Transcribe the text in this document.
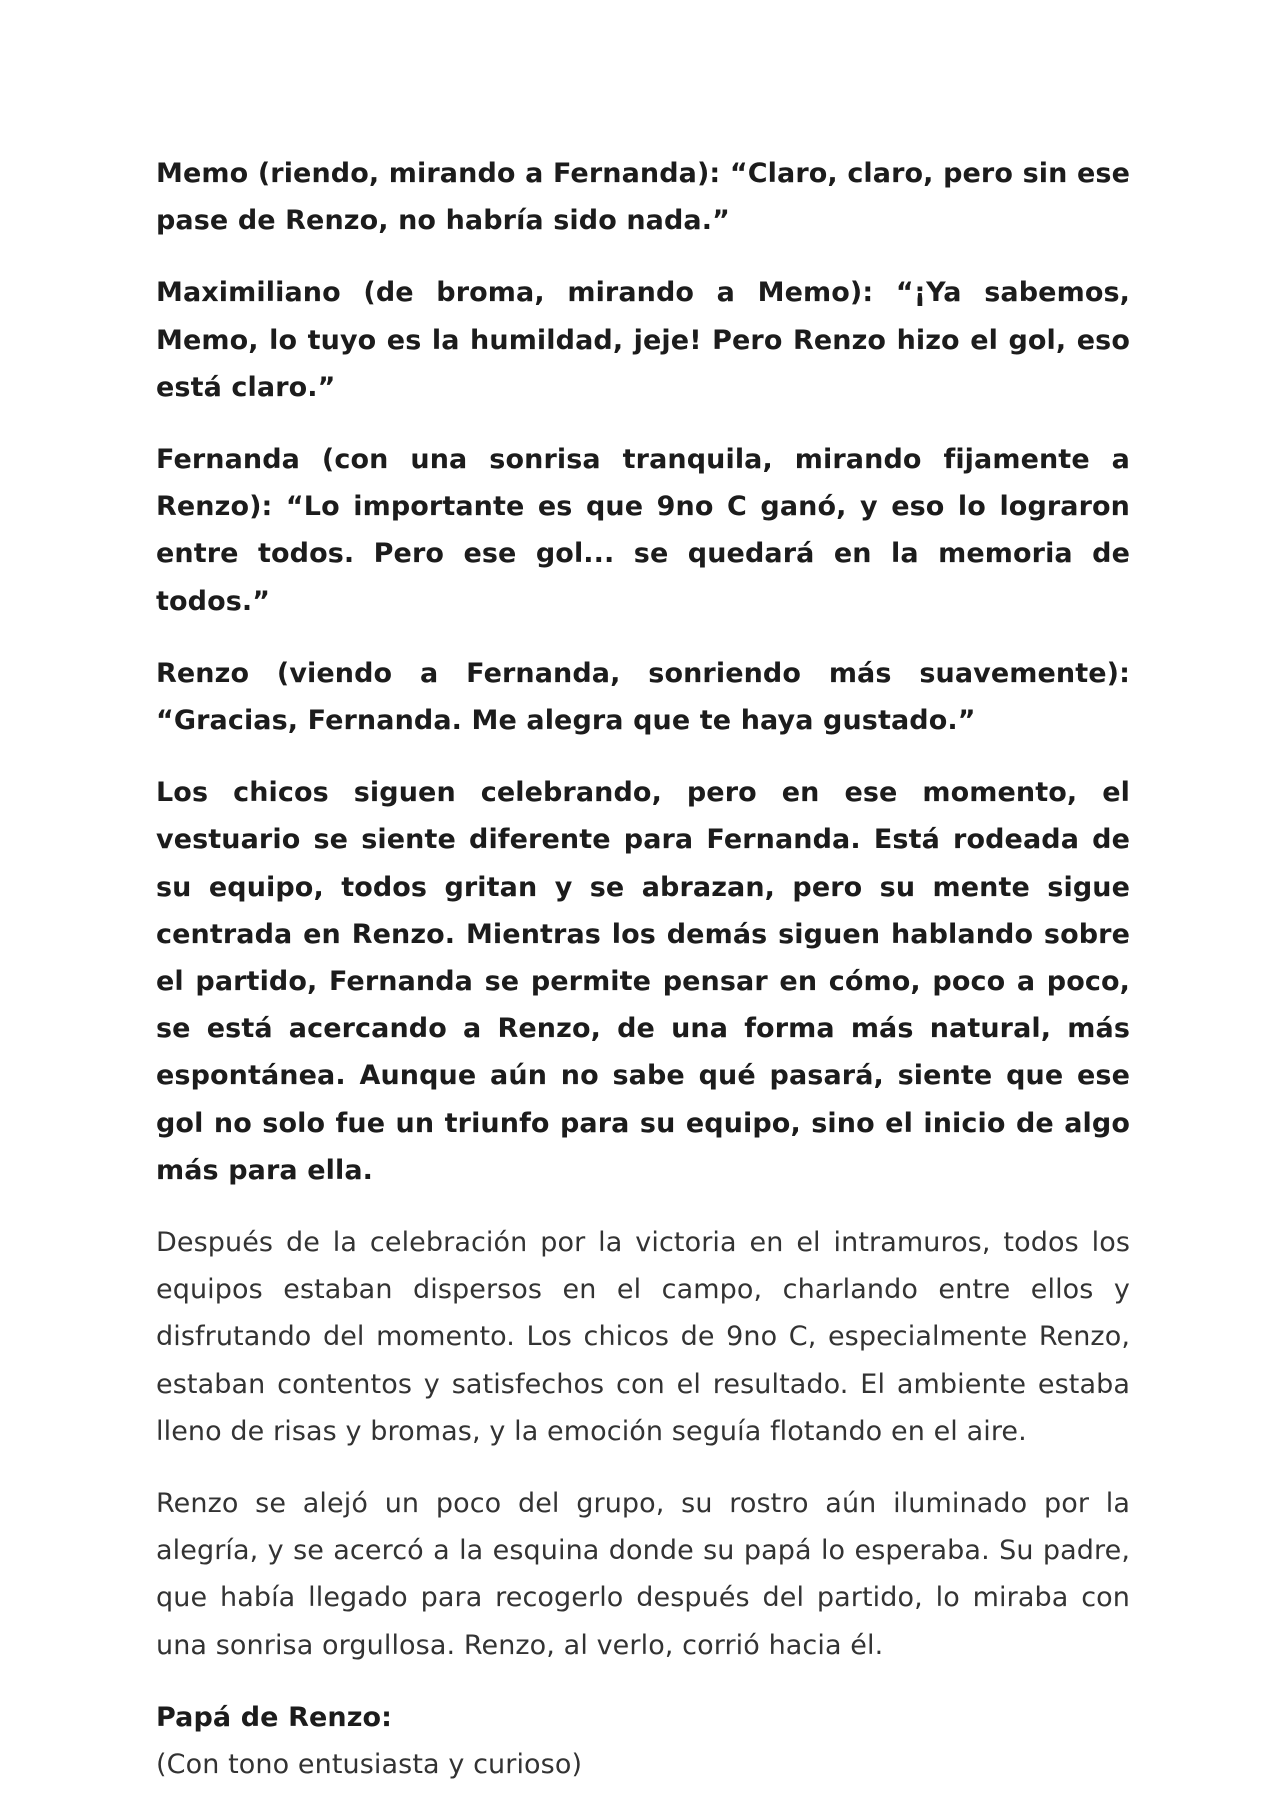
Memo (riendo, mirando a Fernanda): “Claro, claro, pero sin ese pase de Renzo, no habría sido nada.”

Maximiliano (de broma, mirando a Memo): “¡Ya sabemos, Memo, lo tuyo es la humildad, jeje! Pero Renzo hizo el gol, eso está claro.”

Fernanda (con una sonrisa tranquila, mirando fijamente a Renzo): “Lo importante es que 9no C ganó, y eso lo lograron entre todos. Pero ese gol... se quedará en la memoria de todos.”

Renzo (viendo a Fernanda, sonriendo más suavemente): “Gracias, Fernanda. Me alegra que te haya gustado.”

Los chicos siguen celebrando, pero en ese momento, el vestuario se siente diferente para Fernanda. Está rodeada de su equipo, todos gritan y se abrazan, pero su mente sigue centrada en Renzo. Mientras los demás siguen hablando sobre el partido, Fernanda se permite pensar en cómo, poco a poco, se está acercando a Renzo, de una forma más natural, más espontánea. Aunque aún no sabe qué pasará, siente que ese gol no solo fue un triunfo para su equipo, sino el inicio de algo más para ella.

Después de la celebración por la victoria en el intramuros, todos los equipos estaban dispersos en el campo, charlando entre ellos y disfrutando del momento. Los chicos de 9no C, especialmente Renzo, estaban contentos y satisfechos con el resultado. El ambiente estaba lleno de risas y bromas, y la emoción seguía flotando en el aire.

Renzo se alejó un poco del grupo, su rostro aún iluminado por la alegría, y se acercó a la esquina donde su papá lo esperaba. Su padre, que había llegado para recogerlo después del partido, lo miraba con una sonrisa orgullosa. Renzo, al verlo, corrió hacia él.

Papá de Renzo:
(Con tono entusiasta y curioso)
